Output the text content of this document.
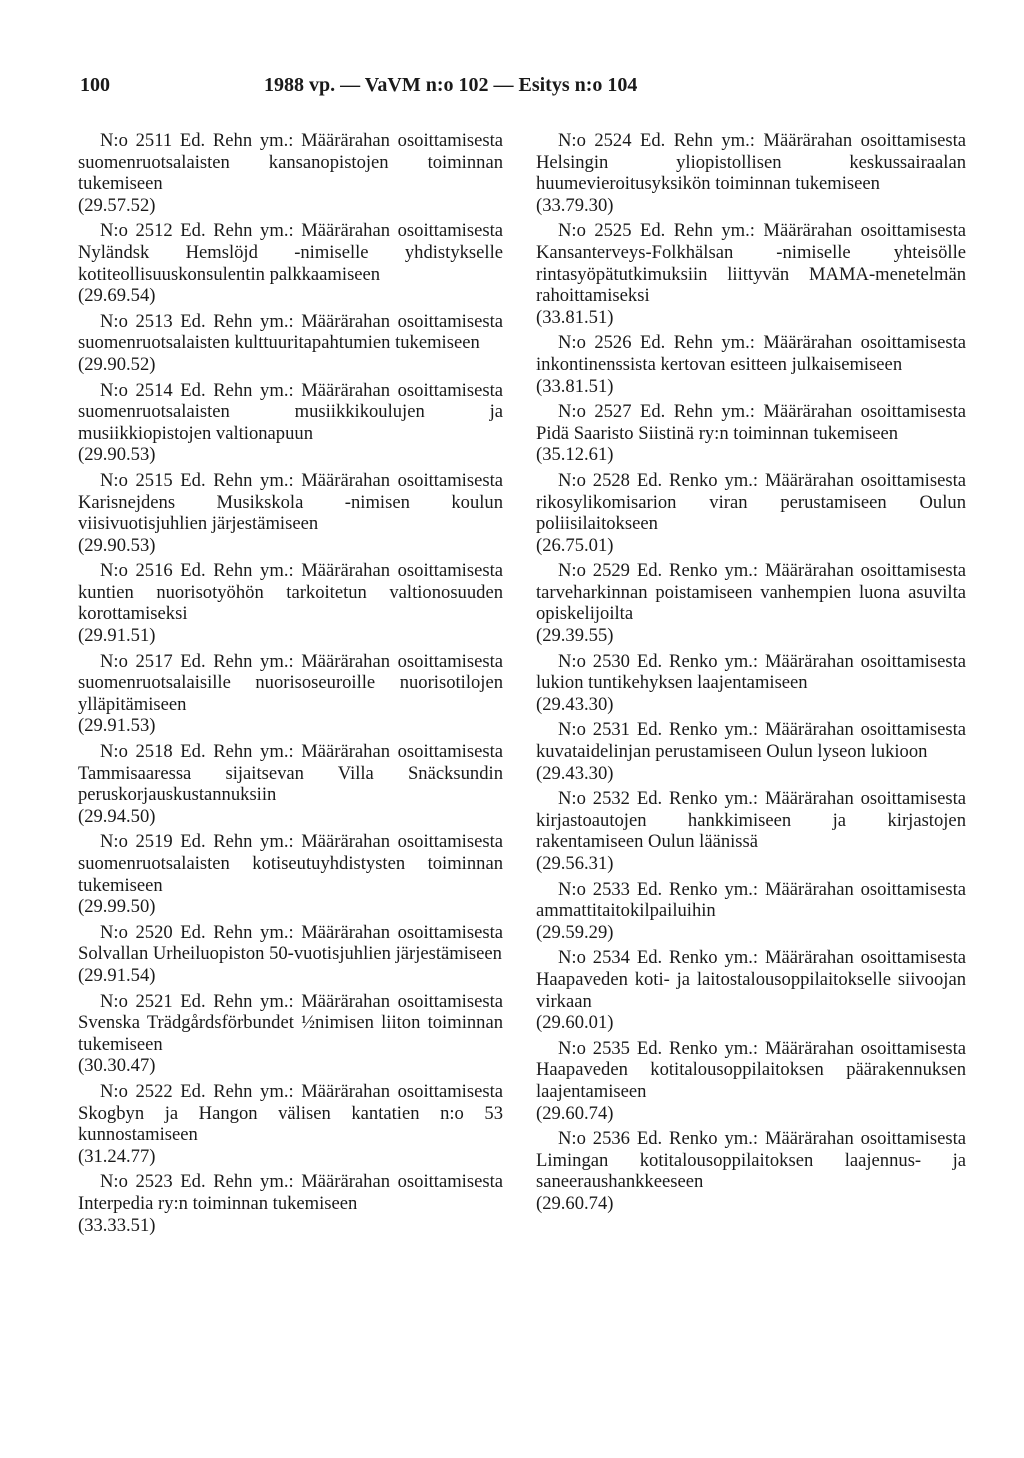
100	1988 vp. — VaVM n:o 102 — Esitys n:o 104

N:o 2511 Ed. Rehn ym.: Määrärahan osoittamisesta suomenruotsalaisten kansanopistojen toiminnan tukemiseen
(29.57.52)

N:o 2512 Ed. Rehn ym.: Määrärahan osoittamisesta Nyländsk Hemslöjd -nimiselle yhdistykselle kotiteollisuuskonsulentin palkkaamiseen
(29.69.54)

N:o 2513 Ed. Rehn ym.: Määrärahan osoittamisesta suomenruotsalaisten kulttuuritapahtumien tukemiseen
(29.90.52)

N:o 2514 Ed. Rehn ym.: Määrärahan osoittamisesta suomenruotsalaisten musiikkikoulujen ja musiikkiopistojen valtionapuun
(29.90.53)

N:o 2515 Ed. Rehn ym.: Määrärahan osoittamisesta Karisnejdens Musikskola -nimisen koulun viisivuotisjuhlien järjestämiseen
(29.90.53)

N:o 2516 Ed. Rehn ym.: Määrärahan osoittamisesta kuntien nuorisotyöhön tarkoitetun valtionosuuden korottamiseksi
(29.91.51)

N:o 2517 Ed. Rehn ym.: Määrärahan osoittamisesta suomenruotsalaisille nuorisoseuroille nuorisotilojen ylläpitämiseen
(29.91.53)

N:o 2518 Ed. Rehn ym.: Määrärahan osoittamisesta Tammisaaressa sijaitsevan Villa Snäcksundin peruskorjauskustannuksiin
(29.94.50)

N:o 2519 Ed. Rehn ym.: Määrärahan osoittamisesta suomenruotsalaisten kotiseutuyhdistysten toiminnan tukemiseen
(29.99.50)

N:o 2520 Ed. Rehn ym.: Määrärahan osoittamisesta Solvallan Urheiluopiston 50-vuotisjuhlien järjestämiseen
(29.91.54)

N:o 2521 Ed. Rehn ym.: Määrärahan osoittamisesta Svenska Trädgårdsförbundet ½nimisen liiton toiminnan tukemiseen
(30.30.47)

N:o 2522 Ed. Rehn ym.: Määrärahan osoittamisesta Skogbyn ja Hangon välisen kantatien n:o 53 kunnostamiseen
(31.24.77)

N:o 2523 Ed. Rehn ym.: Määrärahan osoittamisesta Interpedia ry:n toiminnan tukemiseen
(33.33.51)

N:o 2524 Ed. Rehn ym.: Määrärahan osoittamisesta Helsingin yliopistollisen keskussairaalan huumevieroitusyksikön toiminnan tukemiseen
(33.79.30)

N:o 2525 Ed. Rehn ym.: Määrärahan osoittamisesta Kansanterveys-Folkhälsan -nimiselle yhteisölle rintasyöpätutkimuksiin liittyvän MAMA-menetelmän rahoittamiseksi
(33.81.51)

N:o 2526 Ed. Rehn ym.: Määrärahan osoittamisesta inkontinenssista kertovan esitteen julkaisemiseen
(33.81.51)

N:o 2527 Ed. Rehn ym.: Määrärahan osoittamisesta Pidä Saaristo Siistinä ry:n toiminnan tukemiseen
(35.12.61)

N:o 2528 Ed. Renko ym.: Määrärahan osoittamisesta rikosylikomisarion viran perustamiseen Oulun poliisilaitokseen
(26.75.01)

N:o 2529 Ed. Renko ym.: Määrärahan osoittamisesta tarveharkinnan poistamiseen vanhempien luona asuvilta opiskelijoilta
(29.39.55)

N:o 2530 Ed. Renko ym.: Määrärahan osoittamisesta lukion tuntikehyksen laajentamiseen
(29.43.30)

N:o 2531 Ed. Renko ym.: Määrärahan osoittamisesta kuvataidelinjan perustamiseen Oulun lyseon lukioon
(29.43.30)

N:o 2532 Ed. Renko ym.: Määrärahan osoittamisesta kirjastoautojen hankkimiseen ja kirjastojen rakentamiseen Oulun läänissä
(29.56.31)

N:o 2533 Ed. Renko ym.: Määrärahan osoittamisesta ammattitaitokilpailuihin
(29.59.29)

N:o 2534 Ed. Renko ym.: Määrärahan osoittamisesta Haapaveden koti- ja laitostalousoppilaitokselle siivoojan virkaan
(29.60.01)

N:o 2535 Ed. Renko ym.: Määrärahan osoittamisesta Haapaveden kotitalousoppilaitoksen päärakennuksen laajentamiseen
(29.60.74)

N:o 2536 Ed. Renko ym.: Määrärahan osoittamisesta Limingan kotitalousoppilaitoksen laajennus- ja saneeraushankkeeseen
(29.60.74)
